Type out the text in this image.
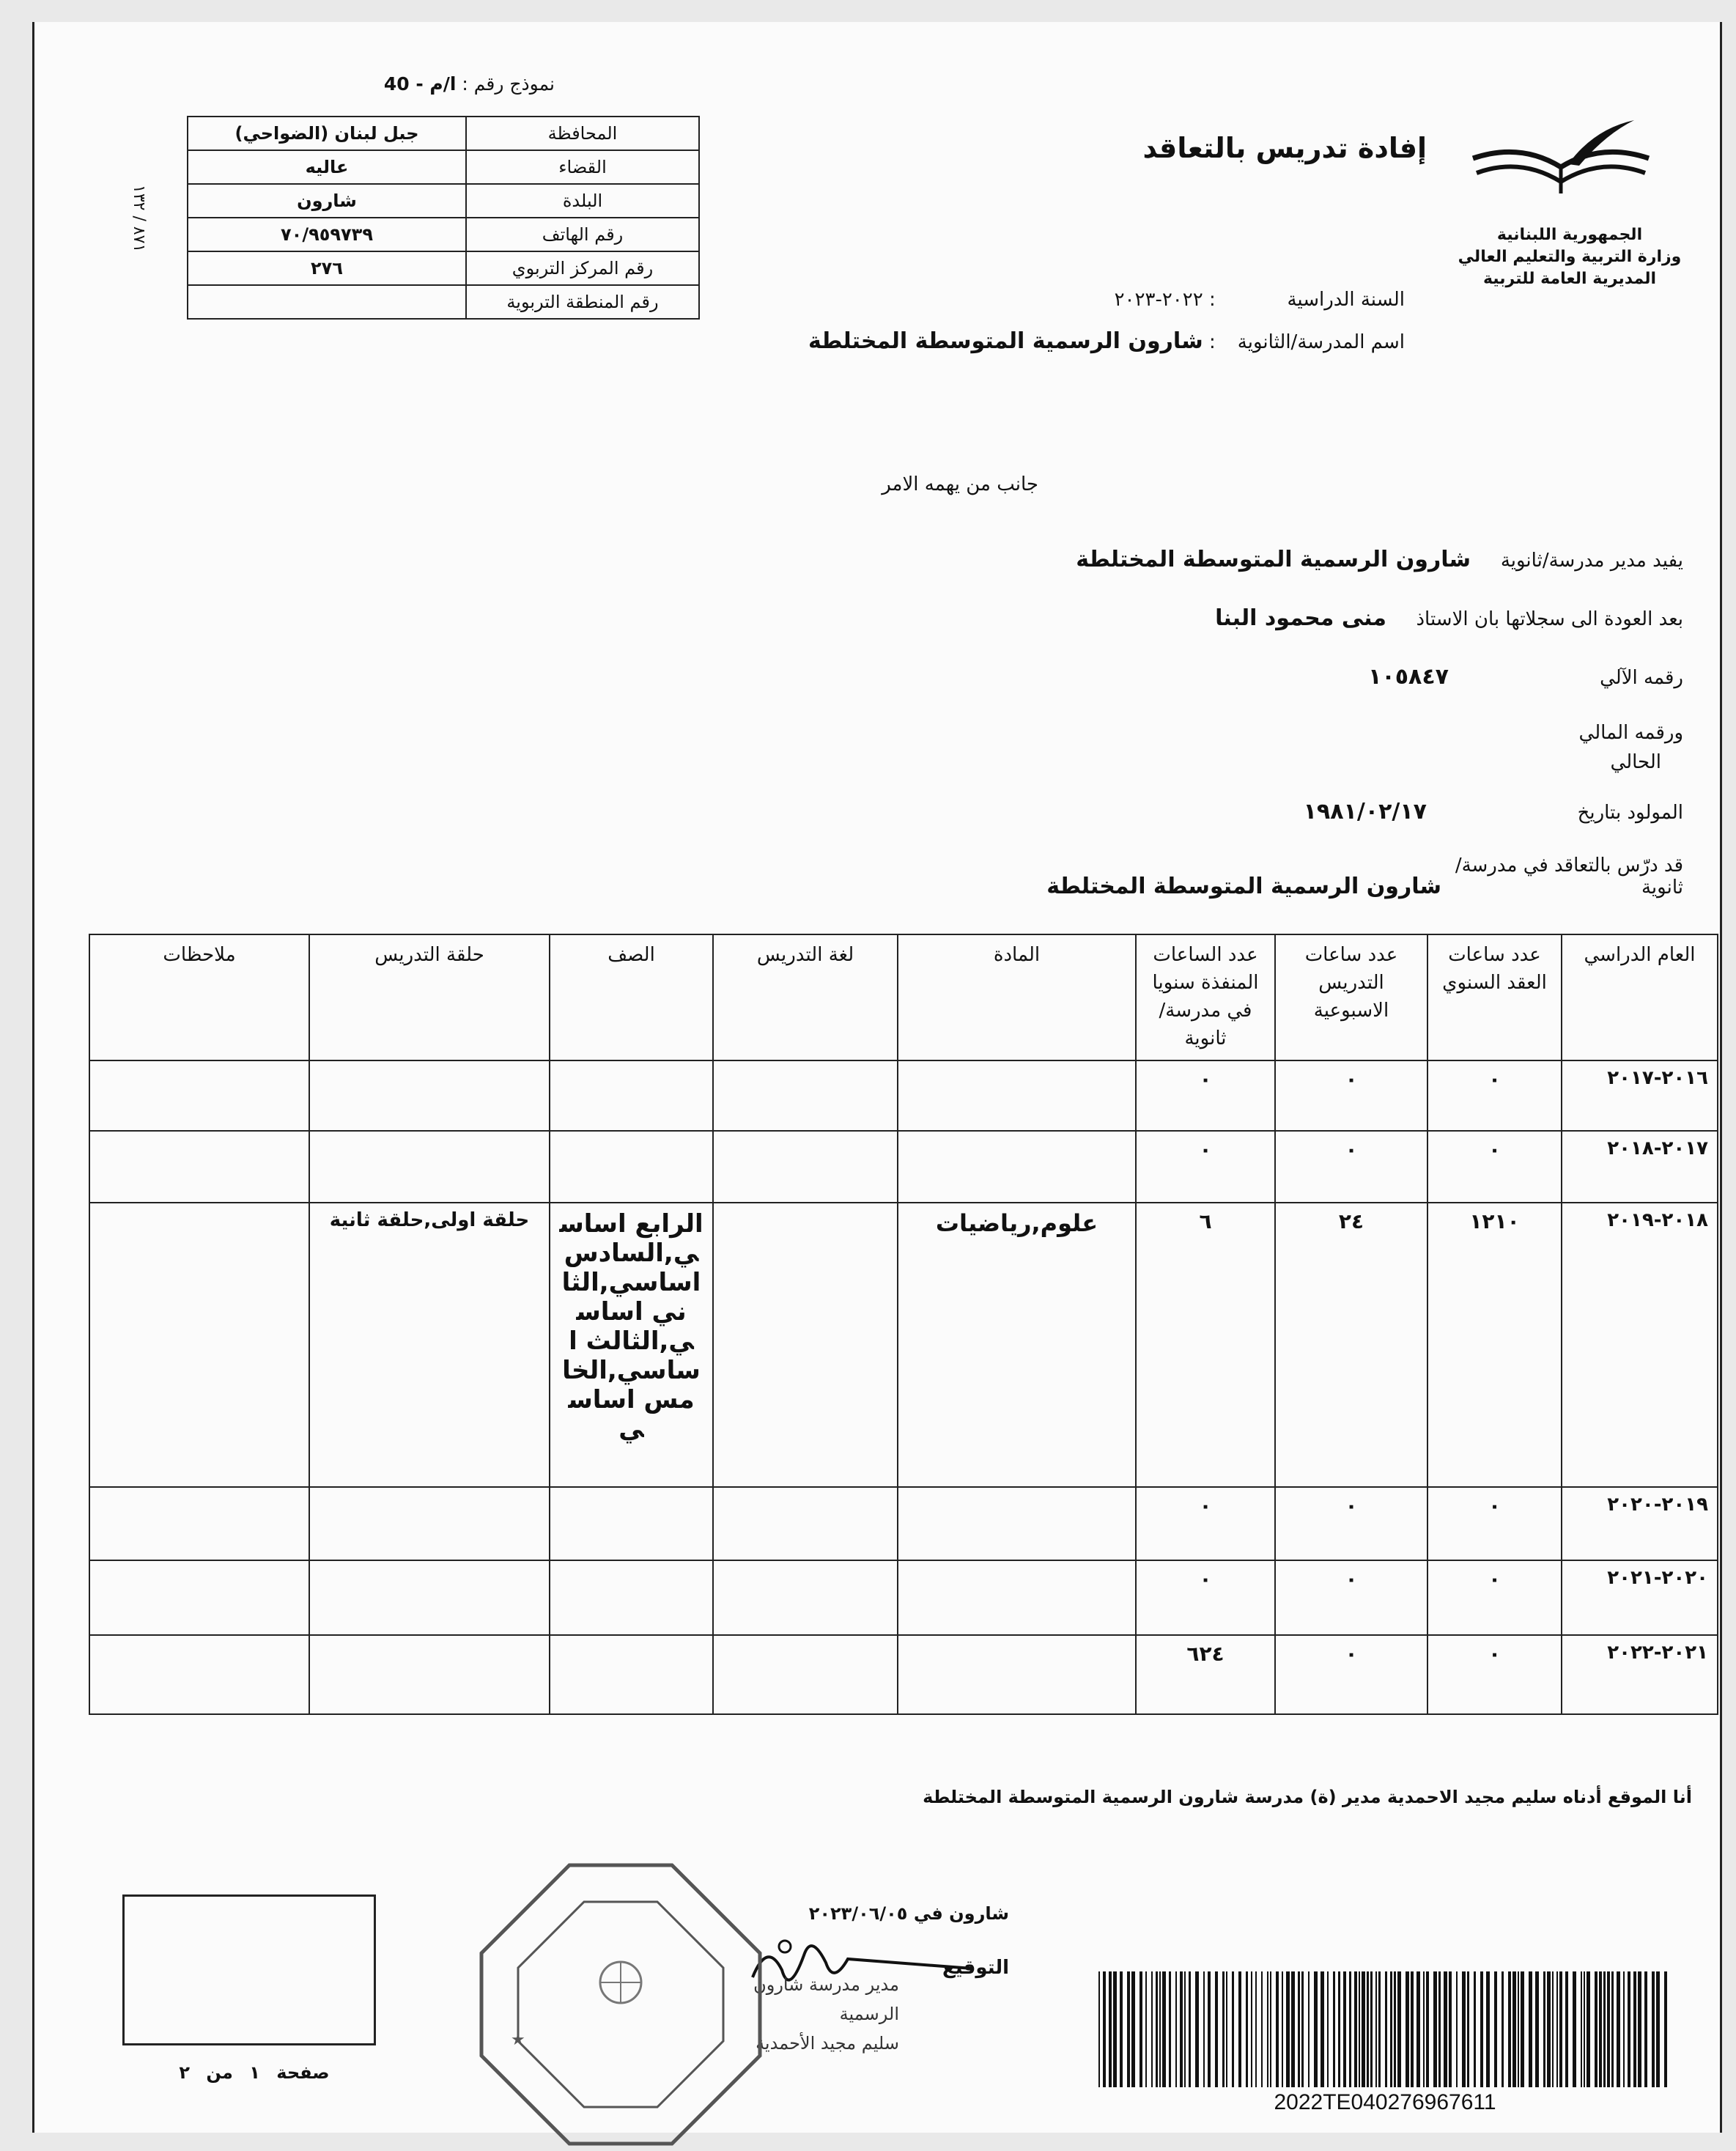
نموذج رقم : ا/م - 40
٨٧١ / ١٣٢
جبل لبنان (الضواحي)	المحافظة
عاليه	القضاء
شارون	البلدة
٧٠/٩٥٩٧٣٩	رقم الهاتف
٢٧٦	رقم المركز التربوي
	رقم المنطقة التربوية
إفادة تدريس بالتعاقد
الجمهورية اللبنانية
وزارة التربية والتعليم العالي
المديرية العامة للتربية
السنة الدراسية : ٢٠٢٢-٢٠٢٣
اسم المدرسة/الثانوية : شارون الرسمية المتوسطة المختلطة
جانب من يهمه الامر
يفيد مدير مدرسة/ثانويةشارون الرسمية المتوسطة المختلطة
بعد العودة الى سجلاتها بان الاستاذمنى محمود البنا
رقمه الآلي١٠٥٨٤٧
ورقمه المالي
الحالي
المولود بتاريخ١٩٨١/٠٢/١٧
قد درّس بالتعاقد في مدرسة/ ثانويةشارون الرسمية المتوسطة المختلطة
العام الدراسي	عدد ساعات العقد السنوي	عدد ساعات التدريس الاسبوعية	عدد الساعات المنفذة سنويا في مدرسة/ثانوية	المادة	لغة التدريس	الصف	حلقة التدريس	ملاحظات
٢٠١٦-٢٠١٧	٠	٠	٠					
٢٠١٧-٢٠١٨	٠	٠	٠					
٢٠١٨-٢٠١٩	١٢١٠	٢٤	٦	علوم,رياضيات		الرابع اساسي,السادس اساسي,الثاني اساسي,الثالث اساسي,الخامس اساسي	حلقة اولى,حلقة ثانية	
٢٠١٩-٢٠٢٠	٠	٠	٠					
٢٠٢٠-٢٠٢١	٠	٠	٠					
٢٠٢١-٢٠٢٢	٠	٠	٦٢٤					
أنا الموقع أدناه سليم مجيد الاحمدية مدير (ة) مدرسة شارون الرسمية المتوسطة المختلطة
شارون في ٢٠٢٣/٠٦/٠٥
التوقيع
مدير مدرسة شارون الرسمية
سليم مجيد الأحمدية
★
صفحة ١ من ٢
2022TE040276967611
